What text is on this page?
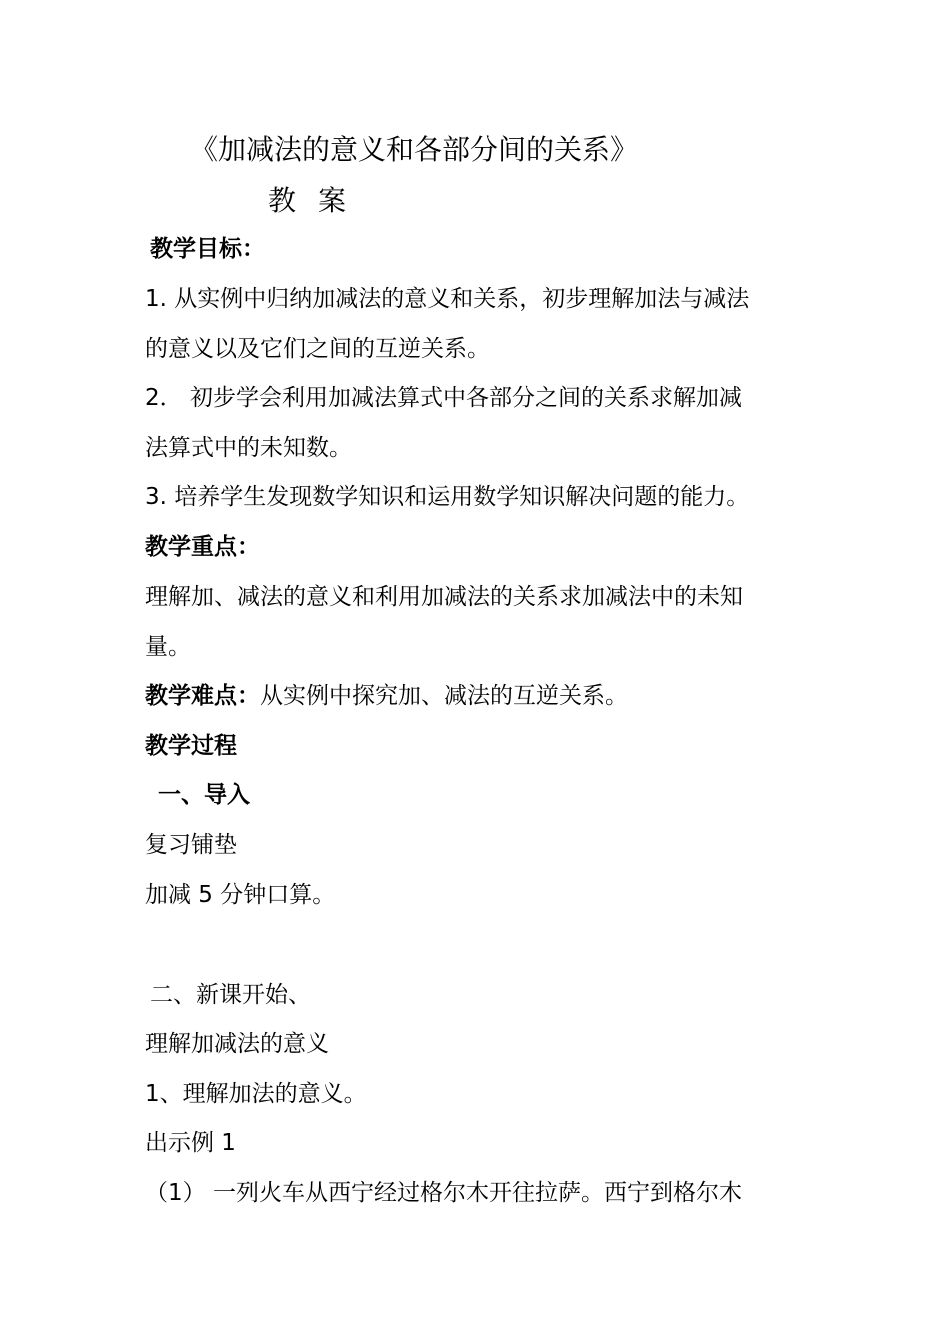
《加减法的意义和各部分间的关系》
教案
教学目标：
1. 从实例中归纳加减法的意义和关系，初步理解加法与减法
的意义以及它们之间的互逆关系。
2． 初步学会利用加减法算式中各部分之间的关系求解加减
法算式中的未知数。
3. 培养学生发现数学知识和运用数学知识解决问题的能力。
教学重点：
理解加、减法的意义和利用加减法的关系求加减法中的未知
量。
教学难点：从实例中探究加、减法的互逆关系。
教学过程
一、导入
复习铺垫
加减 5 分钟口算。
二、新课开始、
理解加减法的意义
1、理解加法的意义。
出示例 1
（1） 一列火车从西宁经过格尔木开往拉萨。西宁到格尔木
